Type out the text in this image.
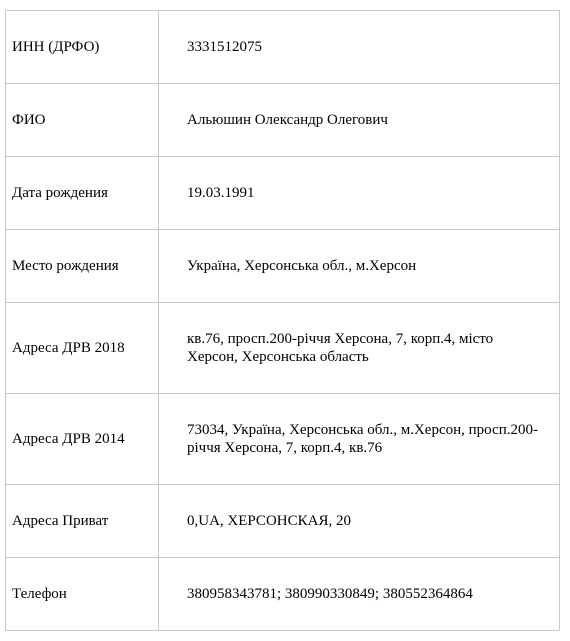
ИНН (ДРФО)	3331512075
ФИО	Альюшин Олександр Олегович
Дата рождения	19.03.1991
Место рождения	Україна, Херсонська обл., м.Херсон
Адреса ДРВ 2018	кв.76, просп.200-річчя Херсона, 7, корп.4, місто Херсон, Херсонська область
Адреса ДРВ 2014	73034, Україна, Херсонська обл., м.Херсон, просп.200-річчя Херсона, 7, корп.4, кв.76
Адреса Приват	0,UA, ХЕРСОНСКАЯ, 20
Телефон	380958343781; 380990330849; 380552364864
